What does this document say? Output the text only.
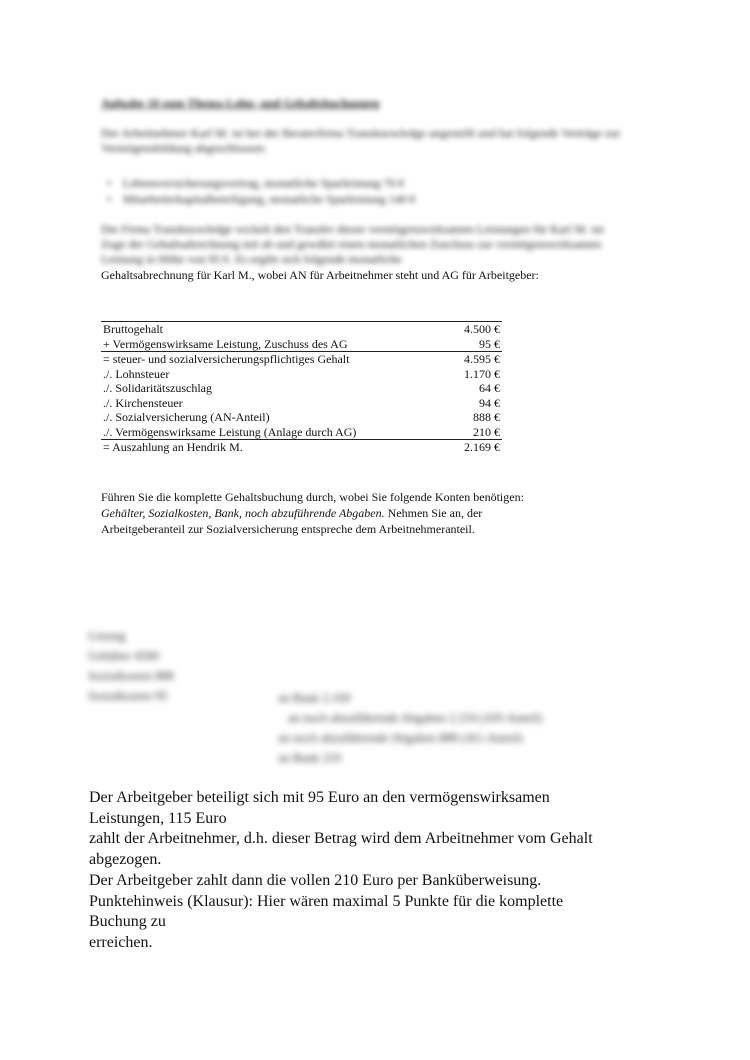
Aufgabe 10 zum Thema Lohn- und Gehaltsbuchungen
Der Arbeitnehmer Karl M. ist bei der Beraterfirma Transknowledge angestellt und hat folgende Verträge zur Vermögensbildung abgeschlossen:
• Lebensversicherungsvertrag, monatliche Sparleistung 70 €
• Mitarbeiterkapitalbeteiligung, monatliche Sparleistung 140 €
Die Firma Transknowledge wickelt den Transfer dieser vermögenswirksamen Leistungen für Karl M. im Zuge der Gehaltsabrechnung mit ab und gewährt einen monatlichen Zuschuss zur vermögenswirksamen Leistung in Höhe von 95 €. Es ergibt sich folgende monatliche
Gehaltsabrechnung für Karl M., wobei AN für Arbeitnehmer steht und AG für Arbeitgeber:
Bruttogehalt	4.500 €
+ Vermögenswirksame Leistung, Zuschuss des AG	95 €
= steuer- und sozialversicherungspflichtiges Gehalt	4.595 €
./. Lohnsteuer	1.170 €
./. Solidaritätszuschlag	64 €
./. Kirchensteuer	94 €
./. Sozialversicherung (AN-Anteil)	888 €
./. Vermögenswirksame Leistung (Anlage durch AG)	210 €
= Auszahlung an Hendrik M.	2.169 €
Führen Sie die komplette Gehaltsbuchung durch, wobei Sie folgende Konten benötigen:
Gehälter, Sozialkosten, Bank, noch abzuführende Abgaben. Nehmen Sie an, der
Arbeitgeberanteil zur Sozialversicherung entspreche dem Arbeitnehmeranteil.
Lösung
Gehälter 4500
Sozialkosten 888
Sozialkosten 95	an Bank 2.169
an noch abzuführende Abgaben 2.216 (AN-Anteil)
an noch abzuführende Abgaben 888 (AG-Anteil)
an Bank 210

Der Arbeitgeber beteiligt sich mit 95 Euro an den vermögenswirksamen

Leistungen, 115 Euro

zahlt der Arbeitnehmer, d.h. dieser Betrag wird dem Arbeitnehmer vom Gehalt

abgezogen.

Der Arbeitgeber zahlt dann die vollen 210 Euro per Banküberweisung.

Punktehinweis (Klausur): Hier wären maximal 5 Punkte für die komplette

Buchung zu

erreichen.
